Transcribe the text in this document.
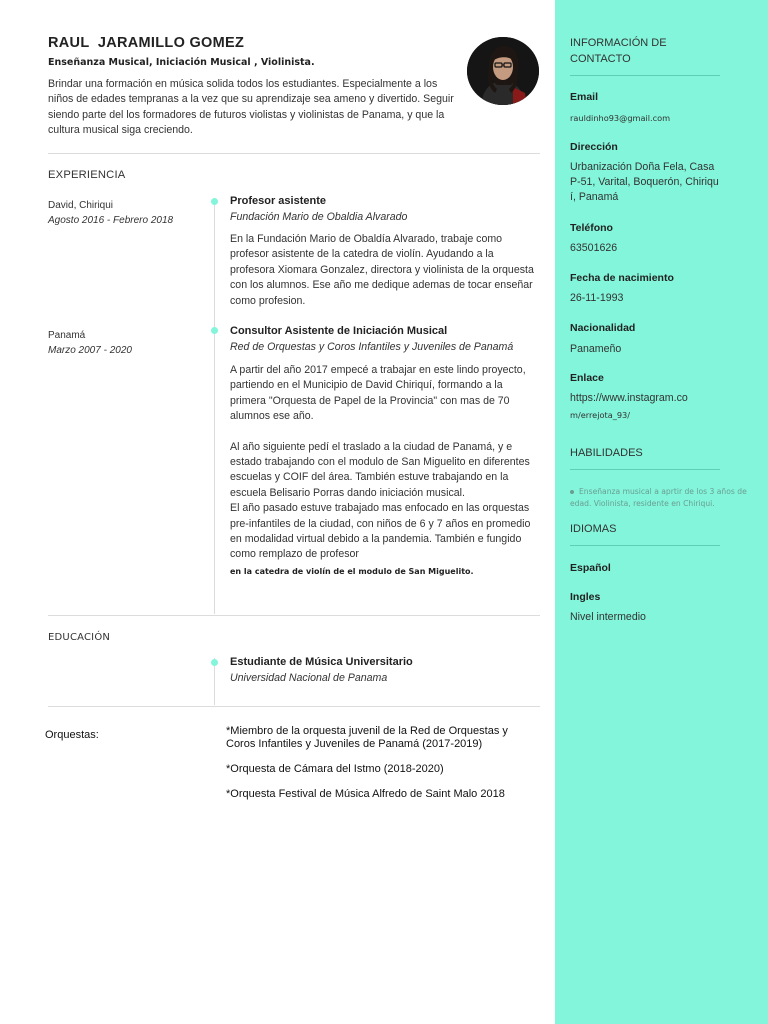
RAUL  JARAMILLO GOMEZ
Enseñanza Musical, Iniciación Musical , Violinista.
Brindar una formación en música solida todos los estudiantes. Especialmente a los niños de edades tempranas a la vez que su aprendizaje sea ameno y divertido. Seguir siendo parte del los formadores de futuros violistas y violinistas de Panama, y que la cultura musical siga creciendo.
EXPERIENCIA
David, Chiriqui
Agosto 2016 - Febrero 2018
Profesor asistente
Fundación Mario de Obaldia Alvarado
En la Fundación Mario de Obaldía Alvarado, trabaje como profesor asistente de la catedra de violín. Ayudando a la profesora Xiomara Gonzalez, directora y violinista de la orquesta con los alumnos. Ese año me dedique ademas de tocar enseñar como profesion.
Panamá
Marzo 2007 - 2020
Consultor Asistente de Iniciación Musical
Red de Orquestas y Coros Infantiles y Juveniles de Panamá

A partir del año 2017 empecé a trabajar en este lindo proyecto, partiendo en el Municipio de David Chiriquí, formando a la primera "Orquesta de Papel de la Provincia" con mas de 70 alumnos ese año.

Al año siguiente pedí el traslado a la ciudad de Panamá, y e estado trabajando con el modulo de San Miguelito en diferentes escuelas y COIF del área. También estuve trabajando en la escuela Belisario Porras dando iniciación musical.

El año pasado estuve trabajado mas enfocado en las orquestas pre-infantiles de la ciudad, con niños de 6 y 7 años en promedio en modalidad virtual debido a la pandemia. También e fungido como remplazo de profesor

en la catedra de violín de el modulo de San Miguelito.

EDUCACIÓN
Estudiante de Música Universitario
Universidad Nacional de Panama
Orquestas:	*Miembro de la orquesta juvenil de la Red de Orquestas y Coros Infantiles y Juveniles de Panamá (2017-2019)
*Orquesta de Cámara del Istmo (2018-2020)
*Orquesta Festival de Música Alfredo de Saint Malo 2018
INFORMACIÓN DE CONTACTO
Email
rauldinho93@gmail.com
Dirección
Urbanización Doña Fela, Casa P-51, Varital, Boquerón, Chiriquí, Panamá
Teléfono
63501626
Fecha de nacimiento
26-11-1993
Nacionalidad
Panameño
Enlace
https://www.instagram.co
m/errejota_93/
HABILIDADES
Enseñanza musical a aprtir de los 3 años de edad. Violinista, residente en Chiriqui.
IDIOMAS
Español
Ingles
Nivel intermedio
